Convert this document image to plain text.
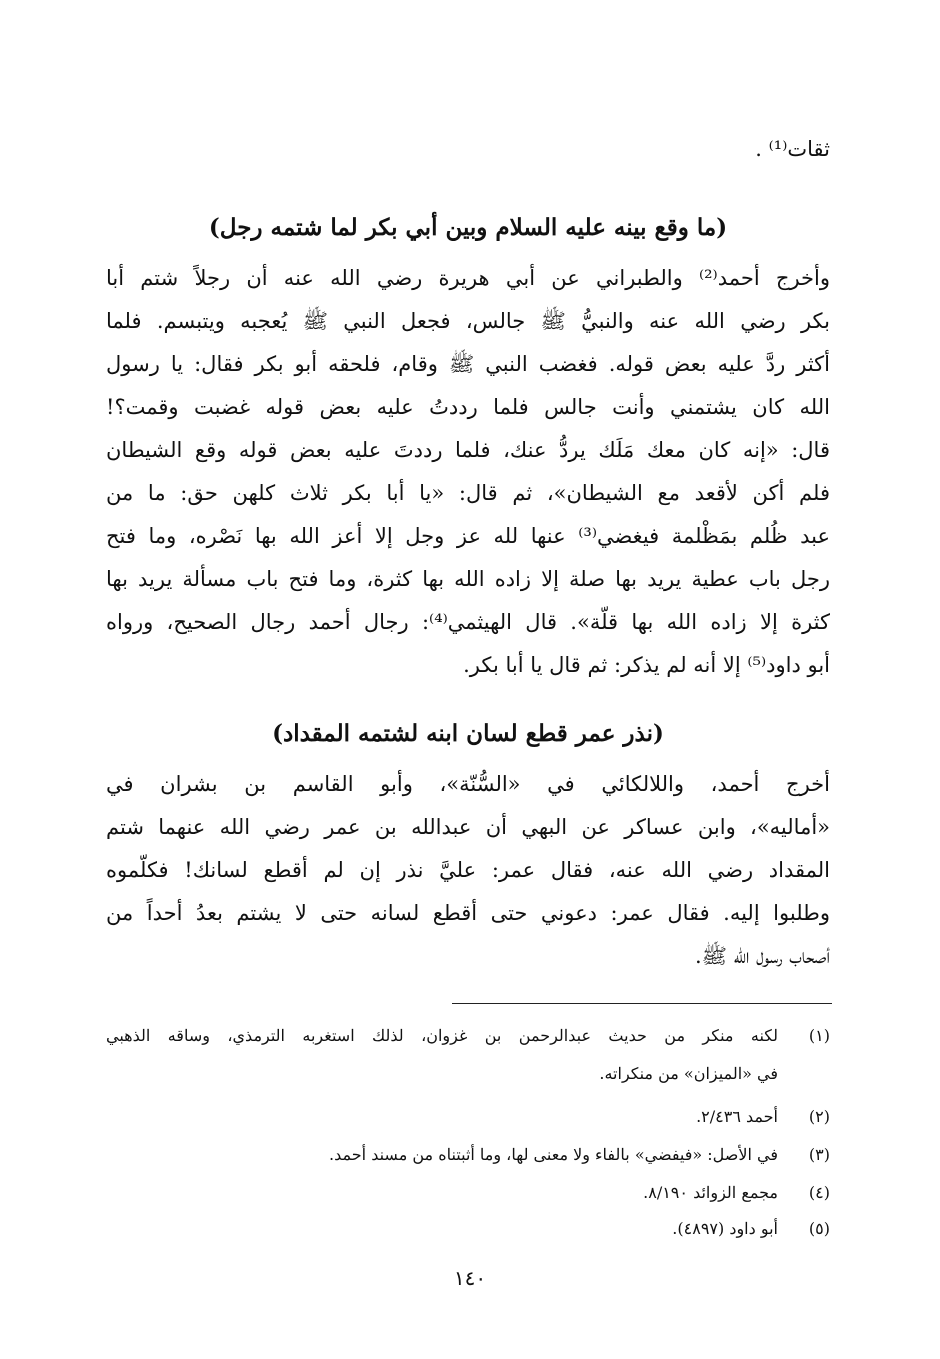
ثقات⁽¹⁾ .
(ما وقع بينه عليه السلام وبين أبي بكر لما شتمه رجل)
وأخرج أحمد⁽²⁾ والطبراني عن أبي هريرة رضي الله عنه أن رجلاً شتم أبا
بكر رضي الله عنه والنبيُّ ﷺ جالس، فجعل النبي ﷺ يُعجبه ويتبسم. فلما
أكثر ردَّ عليه بعض قوله. فغضب النبي ﷺ وقام، فلحقه أبو بكر فقال: يا رسول
الله كان يشتمني وأنت جالس فلما رددتُ عليه بعض قوله غضبت وقمت؟!
قال: «إنه كان معك مَلَك يردُّ عنك، فلما رددتَ عليه بعض قوله وقع الشيطان
فلم أكن لأقعد مع الشيطان»، ثم قال: «يا أبا بكر ثلاث كلهن حق: ما من
عبد ظُلم بمَظْلمة فيغضي⁽³⁾ عنها لله عز وجل إلا أعز الله بها نَصْره، وما فتح
رجل باب عطية يريد بها صلة إلا زاده الله بها كثرة، وما فتح باب مسألة يريد بها
كثرة إلا زاده الله بها قلّة». قال الهيثمي⁽⁴⁾: رجال أحمد رجال الصحيح، ورواه
أبو داود⁽⁵⁾ إلا أنه لم يذكر: ثم قال يا أبا بكر.
(نذر عمر قطع لسان ابنه لشتمه المقداد)
أخرج أحمد، واللالكائي في «السُّنّة»، وأبو القاسم بن بشران في
«أماليه»، وابن عساكر عن البهي أن عبدالله بن عمر رضي الله عنهما شتم
المقداد رضي الله عنه، فقال عمر: عليَّ نذر إن لم أقطع لسانك! فكلّموه
وطلبوا إليه. فقال عمر: دعوني حتى أقطع لسانه حتى لا يشتم بعدُ أحداً من
أصحاب رسول الله ﷺ.
(١)
لكنه منكر من حديث عبدالرحمن بن غزوان، لذلك استغربه الترمذي، وساقه الذهبي
في «الميزان» من منكراته.
(٢)
أحمد ٢/٤٣٦.
(٣)
في الأصل: «فيفضي» بالفاء ولا معنى لها، وما أثبتناه من مسند أحمد.
(٤)
مجمع الزوائد ٨/١٩٠.
(٥)
أبو داود (٤٨٩٧).
١٤٠
